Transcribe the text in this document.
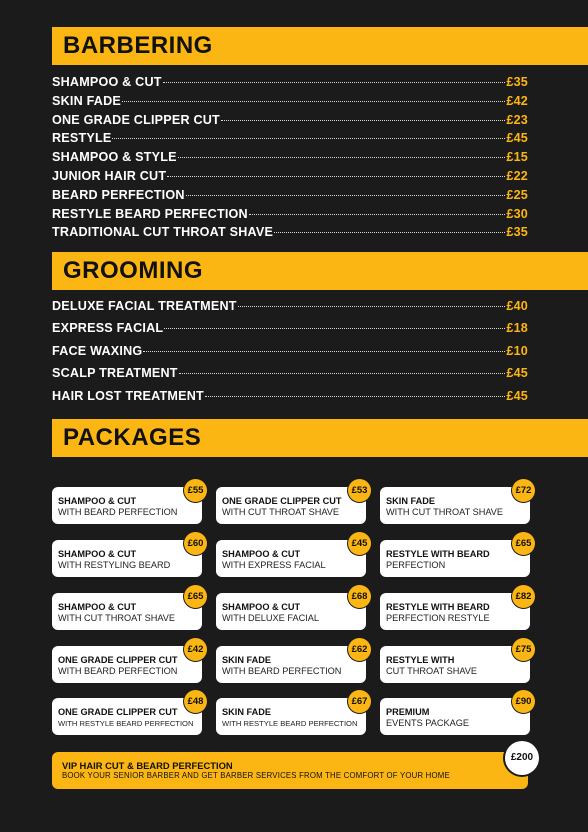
BARBERING
SHAMPOO & CUT	£35
SKIN FADE	£42
ONE GRADE CLIPPER CUT	£23
RESTYLE	£45
SHAMPOO & STYLE	£15
JUNIOR HAIR CUT	£22
BEARD PERFECTION	£25
RESTYLE BEARD PERFECTION	£30
TRADITIONAL CUT THROAT SHAVE	£35
GROOMING
DELUXE FACIAL TREATMENT	£40
EXPRESS FACIAL	£18
FACE WAXING	£10
SCALP TREATMENT	£45
HAIR LOST TREATMENT	£45
PACKAGES
SHAMPOO & CUT
WITH BEARD PERFECTION
£55
ONE GRADE CLIPPER CUT
WITH CUT THROAT SHAVE
£53
SKIN FADE
WITH CUT THROAT SHAVE
£72
SHAMPOO & CUT
WITH RESTYLING BEARD
£60
SHAMPOO & CUT
WITH EXPRESS FACIAL
£45
RESTYLE WITH BEARD
PERFECTION
£65
SHAMPOO & CUT
WITH CUT THROAT SHAVE
£65
SHAMPOO & CUT
WITH DELUXE FACIAL
£68
RESTYLE WITH BEARD
PERFECTION RESTYLE
£82
ONE GRADE CLIPPER CUT
WITH BEARD PERFECTION
£42
SKIN FADE
WITH BEARD PERFECTION
£62
RESTYLE WITH
CUT THROAT SHAVE
£75
ONE GRADE CLIPPER CUT
WITH RESTYLE BEARD PERFECTION
£48
SKIN FADE
WITH RESTYLE BEARD PERFECTION
£67
PREMIUM
EVENTS PACKAGE
£90
VIP HAIR CUT & BEARD PERFECTION
BOOK YOUR SENIOR BARBER AND GET BARBER SERVICES FROM THE COMFORT OF YOUR HOME
£200
